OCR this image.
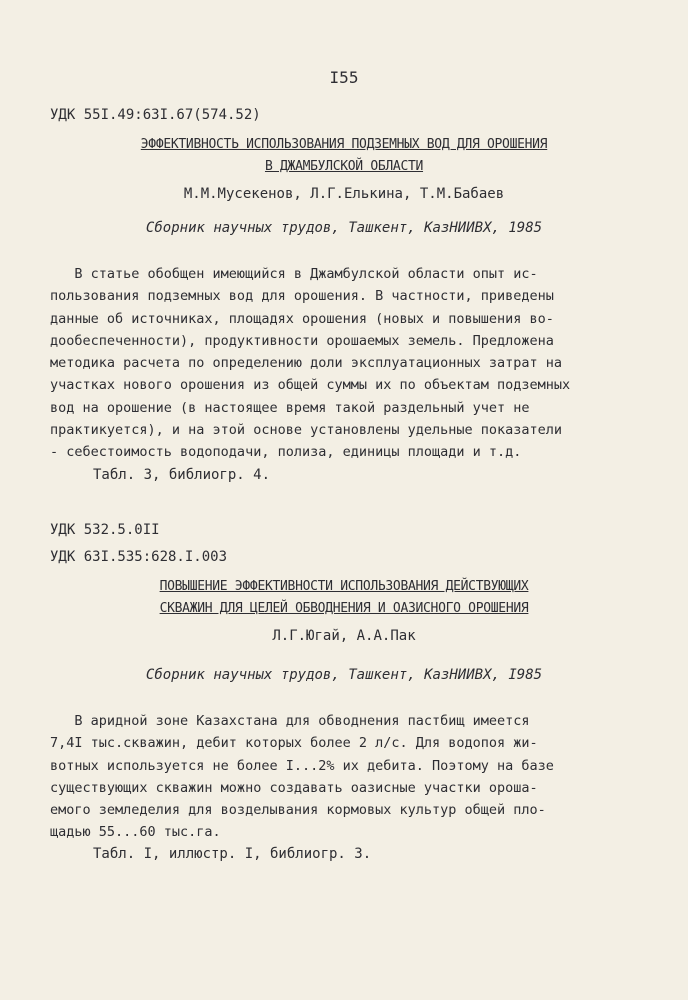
I55
УДК 55I.49:63I.67(574.52)
ЭФФЕКТИВНОСТЬ ИСПОЛЬЗОВАНИЯ ПОДЗЕМНЫХ ВОД ДЛЯ ОРОШЕНИЯ
В ДЖАМБУЛСКОЙ ОБЛАСТИ
М.М.Мусекенов, Л.Г.Елькина, Т.М.Бабаев
Сборник научных трудов, Ташкент, КазНИИВХ, 1985
В статье обобщен имеющийся в Джамбулской области опыт ис-
пользования подземных вод для орошения. В частности, приведены
данные об источниках, площадях орошения (новых и повышения во-
дообеспеченности), продуктивности орошаемых земель. Предложена
методика расчета по определению доли эксплуатационных затрат на
участках нового орошения из общей суммы их по объектам подземных
вод на орошение (в настоящее время такой раздельный учет не
практикуется), и на этой основе установлены удельные показатели
- себестоимость водоподачи, полиза, единицы площади и т.д.
Табл. 3, библиогр. 4.
УДК 532.5.0II
УДК 63I.535:628.I.003
ПОВЫШЕНИЕ ЭФФЕКТИВНОСТИ ИСПОЛЬЗОВАНИЯ ДЕЙСТВУЮЩИХ
СКВАЖИН ДЛЯ ЦЕЛЕЙ ОБВОДНЕНИЯ И ОАЗИСНОГО ОРОШЕНИЯ
Л.Г.Югай, А.А.Пак
Сборник научных трудов, Ташкент, КазНИИВХ, I985
В аридной зоне Казахстана для обводнения пастбищ имеется
7,4I тыс.скважин, дебит которых более 2 л/с. Для водопоя жи-
вотных используется не более I...2% их дебита. Поэтому на базе
существующих скважин можно создавать оазисные участки ороша-
емого земледелия для возделывания кормовых культур общей пло-
щадью 55...60 тыс.га.
Табл. I, иллюстр. I, библиогр. 3.
